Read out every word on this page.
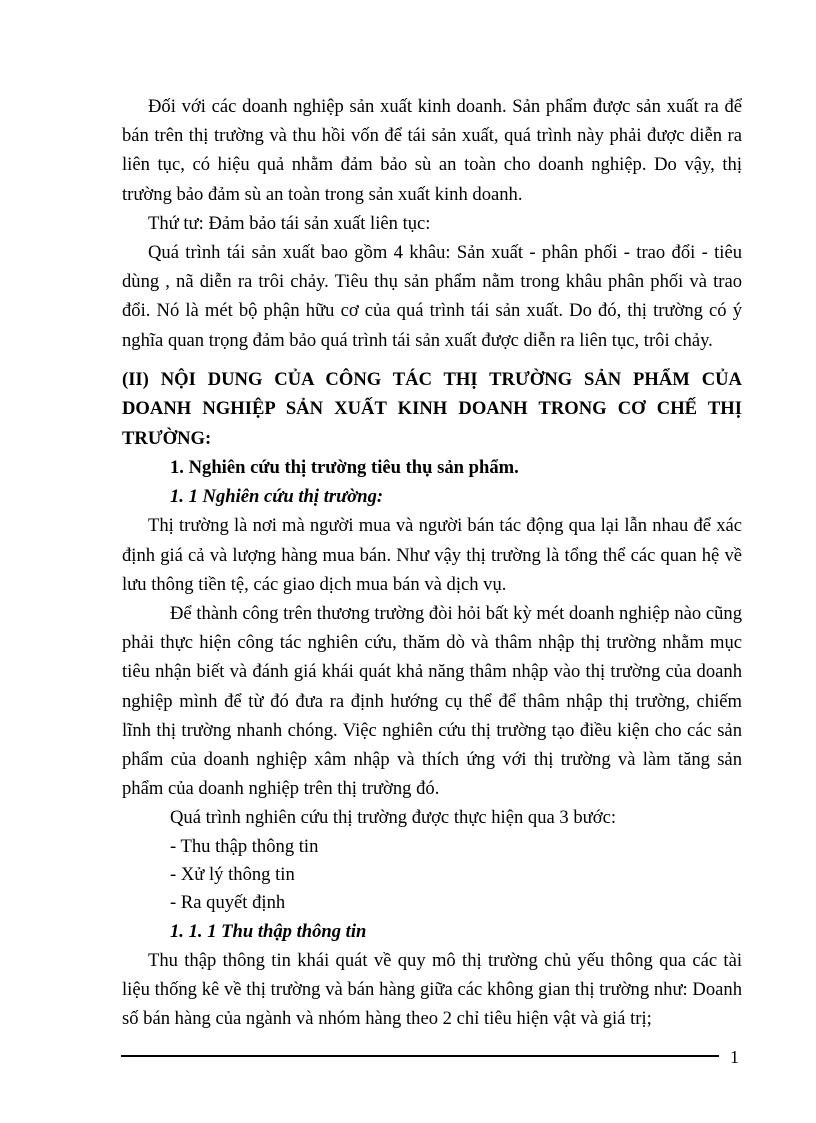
Đối với các doanh nghiệp sản xuất kinh doanh. Sản phẩm được sản xuất ra để bán trên thị trường và thu hồi vốn để tái sản xuất, quá trình này phải được diễn ra liên tục, có hiệu quả nhằm đảm bảo sù an toàn cho doanh nghiệp. Do vậy, thị trường bảo đảm sù an toàn trong sản xuất kinh doanh.

Thứ tư: Đảm bảo tái sản xuất liên tục:

Quá trình tái sản xuất bao gồm 4 khâu: Sản xuất - phân phối - trao đổi - tiêu dùng , nã diễn ra trôi chảy. Tiêu thụ sản phẩm nằm trong khâu phân phối và trao đổi. Nó là mét bộ phận hữu cơ của quá trình tái sản xuất. Do đó, thị trường có ý nghĩa quan trọng đảm bảo quá trình tái sản xuất được diễn ra liên tục, trôi chảy.

(II) NỘI DUNG CỦA CÔNG TÁC THỊ TRƯỜNG SẢN PHẨM CỦA DOANH NGHIỆP SẢN XUẤT KINH DOANH TRONG CƠ CHẾ THỊ TRƯỜNG:

1. Nghiên cứu thị trường tiêu thụ sản phẩm.

1. 1 Nghiên cứu thị trường:

Thị trường là nơi mà người mua và người bán tác động qua lại lẫn nhau để xác định giá cả và lượng hàng mua bán. Như vậy thị trường là tổng thể các quan hệ về lưu thông tiền tệ, các giao dịch mua bán và dịch vụ.

Để thành công trên thương trường đòi hỏi bất kỳ mét doanh nghiệp nào cũng phải thực hiện công tác nghiên cứu, thăm dò và thâm nhập thị trường nhằm mục tiêu nhận biết và đánh giá khái quát khả năng thâm nhập vào thị trường của doanh nghiệp mình để từ đó đưa ra định hướng cụ thể để thâm nhập thị trường, chiếm lĩnh thị trường nhanh chóng. Việc nghiên cứu thị trường tạo điều kiện cho các sản phẩm của doanh nghiệp xâm nhập và thích ứng với thị trường và làm tăng sản phẩm của doanh nghiệp trên thị trường đó.

Quá trình nghiên cứu thị trường được thực hiện qua 3 bước:

- Thu thập thông tin

- Xử lý thông tin

- Ra quyết định

1. 1. 1 Thu thập thông tin

Thu thập thông tin khái quát về quy mô thị trường chủ yếu thông qua các tài liệu thống kê về thị trường và bán hàng giữa các không gian thị trường như: Doanh số bán hàng của ngành và nhóm hàng theo 2 chỉ tiêu hiện vật và giá trị;

1
